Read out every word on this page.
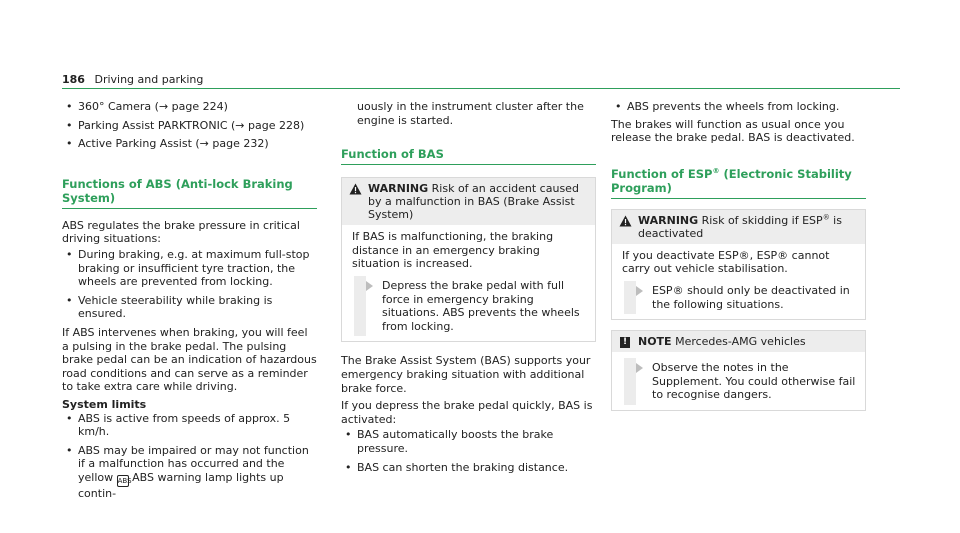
186 Driving and parking

• 360° Camera (→ page 224)

• Parking Assist PARKTRONIC (→ page 228)

• Active Parking Assist (→ page 232)

Functions of ABS (Anti-lock Braking System)

ABS regulates the brake pressure in critical driving situations:

• During braking, e.g. at maximum full-stop braking or insufficient tyre traction, the wheels are prevented from locking.

• Vehicle steerability while braking is ensured.

If ABS intervenes when braking, you will feel a pulsing in the brake pedal. The pulsing brake pedal can be an indication of hazardous road conditions and can serve as a reminder to take extra care while driving.

System limits

• ABS is active from speeds of approx. 5 km/h.

• ABS may be impaired or may not function if a malfunction has occurred and the yellow ABS ABS warning lamp lights up contin-

uously in the instrument cluster after the engine is started.

Function of BAS

WARNING Risk of an accident caused by a malfunction in BAS (Brake Assist System)

If BAS is malfunctioning, the braking distance in an emergency braking situation is increased.

Depress the brake pedal with full force in emergency braking situations. ABS prevents the wheels from locking.

The Brake Assist System (BAS) supports your emergency braking situation with additional brake force.

If you depress the brake pedal quickly, BAS is activated:

• BAS automatically boosts the brake pressure.

• BAS can shorten the braking distance.

• ABS prevents the wheels from locking.

The brakes will function as usual once you release the brake pedal. BAS is deactivated.

Function of ESP® (Electronic Stability Program)

WARNING Risk of skidding if ESP® is deactivated

If you deactivate ESP®, ESP® cannot carry out vehicle stabilisation.

ESP® should only be deactivated in the following situations.

! NOTE Mercedes-AMG vehicles

Observe the notes in the Supplement. You could otherwise fail to recognise dangers.
